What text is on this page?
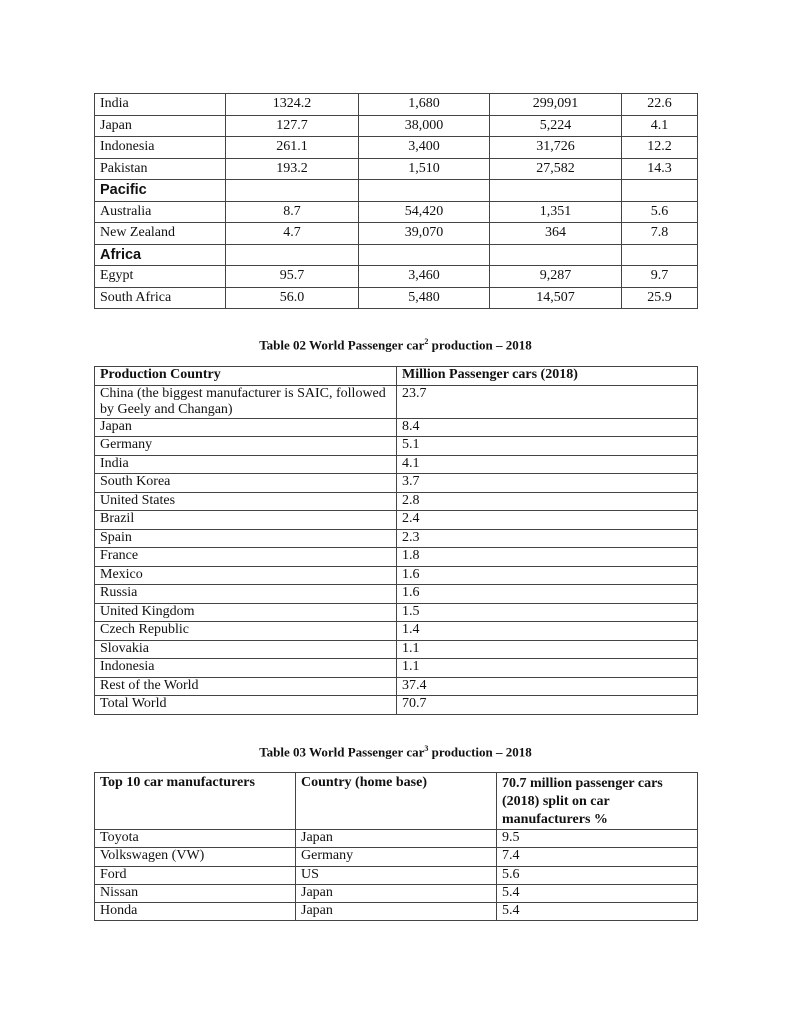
India	1324.2	1,680	299,091	22.6
Japan	127.7	38,000	5,224	4.1
Indonesia	261.1	3,400	31,726	12.2
Pakistan	193.2	1,510	27,582	14.3
Pacific				
Australia	8.7	54,420	1,351	5.6
New Zealand	4.7	39,070	364	7.8
Africa				
Egypt	95.7	3,460	9,287	9.7
South Africa	56.0	5,480	14,507	25.9
Table 02 World Passenger car$^2$ production – 2018
Production Country	Million Passenger cars (2018)
China (the biggest manufacturer is SAIC, followed by Geely and Changan)	23.7
Japan	8.4
Germany	5.1
India	4.1
South Korea	3.7
United States	2.8
Brazil	2.4
Spain	2.3
France	1.8
Mexico	1.6
Russia	1.6
United Kingdom	1.5
Czech Republic	1.4
Slovakia	1.1
Indonesia	1.1
Rest of the World	37.4
Total World	70.7
Table 03 World Passenger car$^3$ production – 2018
Top 10 car manufacturers	Country (home base)	70.7 million passenger cars (2018) split on car manufacturers %
Toyota	Japan	9.5
Volkswagen (VW)	Germany	7.4
Ford	US	5.6
Nissan	Japan	5.4
Honda	Japan	5.4
